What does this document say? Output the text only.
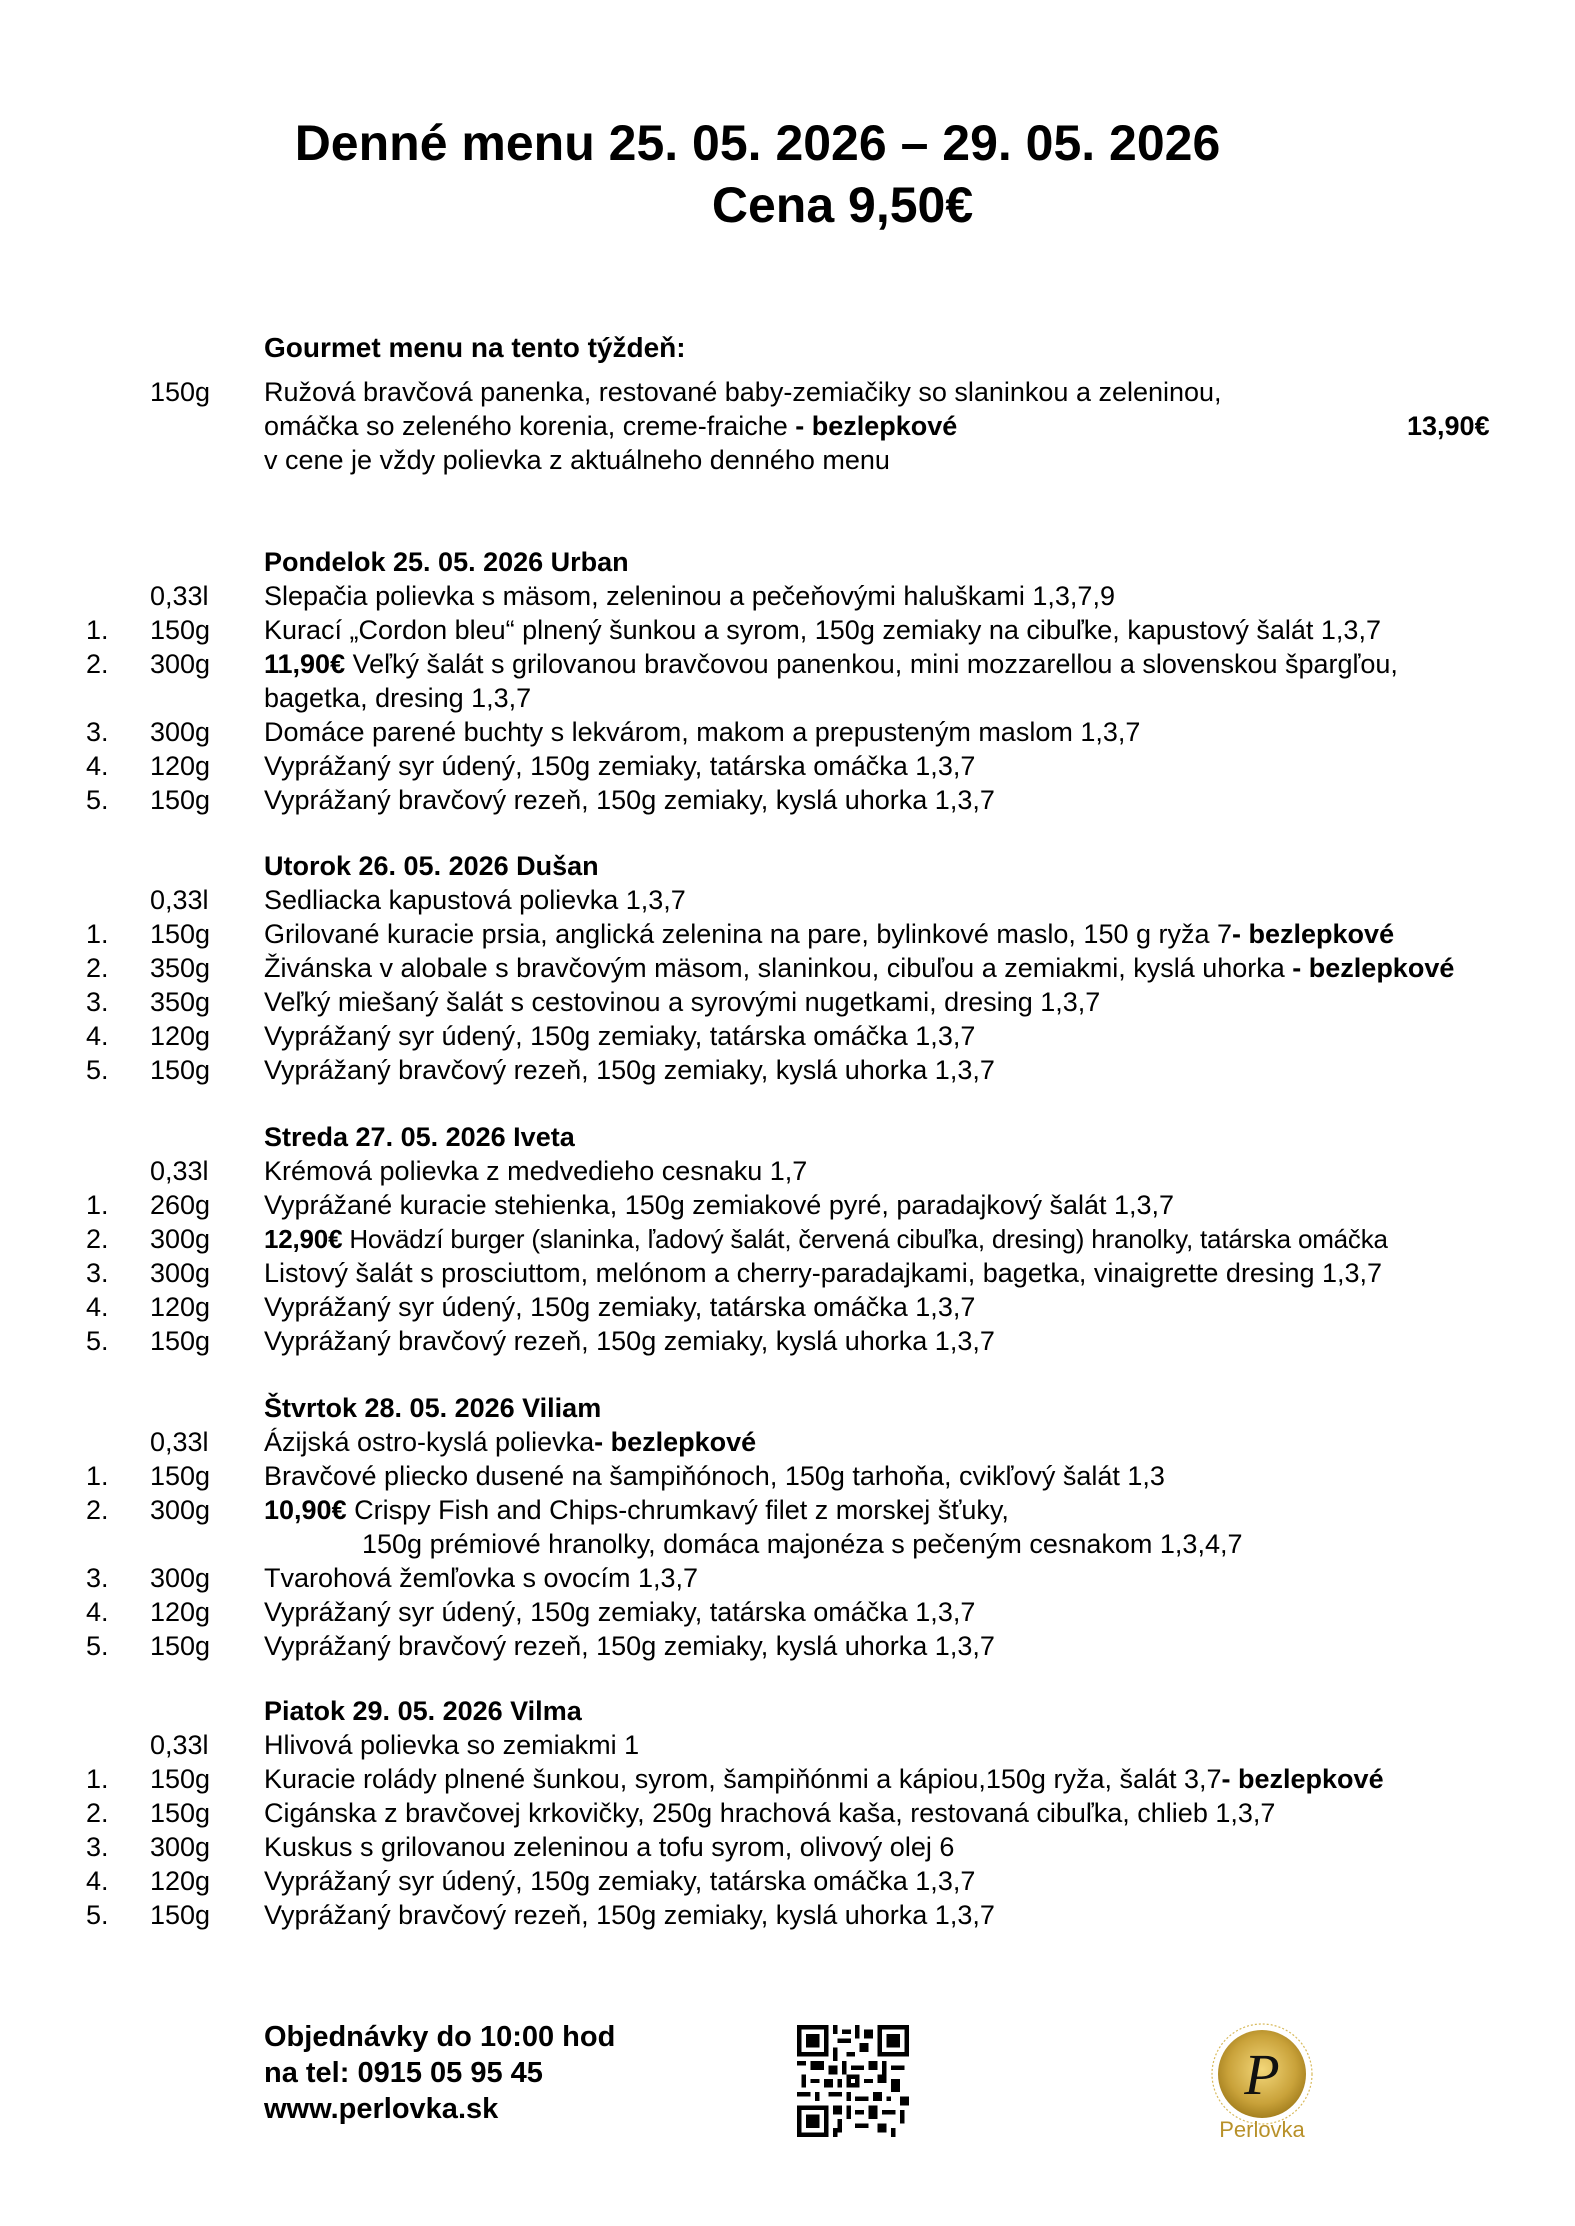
Denné menu 25. 05. 2026 – 29. 05. 2026
Cena 9,50€
Gourmet menu na tento týždeň:
150g Ružová bravčová panenka, restované baby-zemiačiky so slaninkou a zeleninou,
omáčka so zeleného korenia, creme-fraiche - bezlepkové	13,90€
v cene je vždy polievka z aktuálneho denného menu
Pondelok 25. 05. 2026 Urban
0,33l Slepačia polievka s mäsom, zeleninou a pečeňovými haluškami 1,3,7,9
1. 150g Kurací „Cordon bleu“ plnený šunkou a syrom, 150g zemiaky na cibuľke, kapustový šalát 1,3,7
2. 300g 11,90€ Veľký šalát s grilovanou bravčovou panenkou, mini mozzarellou a slovenskou špargľou,
bagetka, dresing 1,3,7
3. 300g Domáce parené buchty s lekvárom, makom a prepusteným maslom 1,3,7
4. 120g Vyprážaný syr údený, 150g zemiaky, tatárska omáčka 1,3,7
5. 150g Vyprážaný bravčový rezeň, 150g zemiaky, kyslá uhorka 1,3,7
Utorok 26. 05. 2026 Dušan
0,33l Sedliacka kapustová polievka 1,3,7
1. 150g Grilované kuracie prsia, anglická zelenina na pare, bylinkové maslo, 150 g ryža 7- bezlepkové
2. 350g Živánska v alobale s bravčovým mäsom, slaninkou, cibuľou a zemiakmi, kyslá uhorka - bezlepkové
3. 350g Veľký miešaný šalát s cestovinou a syrovými nugetkami, dresing 1,3,7
4. 120g Vyprážaný syr údený, 150g zemiaky, tatárska omáčka 1,3,7
5. 150g Vyprážaný bravčový rezeň, 150g zemiaky, kyslá uhorka 1,3,7
Streda 27. 05. 2026 Iveta
0,33l Krémová polievka z medvedieho cesnaku 1,7
1. 260g Vyprážané kuracie stehienka, 150g zemiakové pyré, paradajkový šalát 1,3,7
2. 300g 12,90€ Hovädzí burger (slaninka, ľadový šalát, červená cibuľka, dresing) hranolky, tatárska omáčka
3. 300g Listový šalát s prosciuttom, melónom a cherry-paradajkami, bagetka, vinaigrette dresing 1,3,7
4. 120g Vyprážaný syr údený, 150g zemiaky, tatárska omáčka 1,3,7
5. 150g Vyprážaný bravčový rezeň, 150g zemiaky, kyslá uhorka 1,3,7
Štvrtok 28. 05. 2026 Viliam
0,33l Ázijská ostro-kyslá polievka- bezlepkové
1. 150g Bravčové pliecko dusené na šampiňónoch, 150g tarhoňa, cvikľový šalát 1,3
2. 300g 10,90€ Crispy Fish and Chips-chrumkavý filet z morskej šťuky,
150g prémiové hranolky, domáca majonéza s pečeným cesnakom 1,3,4,7
3. 300g Tvarohová žemľovka s ovocím 1,3,7
4. 120g Vyprážaný syr údený, 150g zemiaky, tatárska omáčka 1,3,7
5. 150g Vyprážaný bravčový rezeň, 150g zemiaky, kyslá uhorka 1,3,7
Piatok 29. 05. 2026 Vilma
0,33l Hlivová polievka so zemiakmi 1
1. 150g Kuracie rolády plnené šunkou, syrom, šampiňónmi a kápiou,150g ryža, šalát 3,7- bezlepkové
2. 150g Cigánska z bravčovej krkovičky, 250g hrachová kaša, restovaná cibuľka, chlieb 1,3,7
3. 300g Kuskus s grilovanou zeleninou a tofu syrom, olivový olej 6
4. 120g Vyprážaný syr údený, 150g zemiaky, tatárska omáčka 1,3,7
5. 150g Vyprážaný bravčový rezeň, 150g zemiaky, kyslá uhorka 1,3,7
Objednávky do 10:00 hod
na tel: 0915 05 95 45
www.perlovka.sk
P
Perlovka
